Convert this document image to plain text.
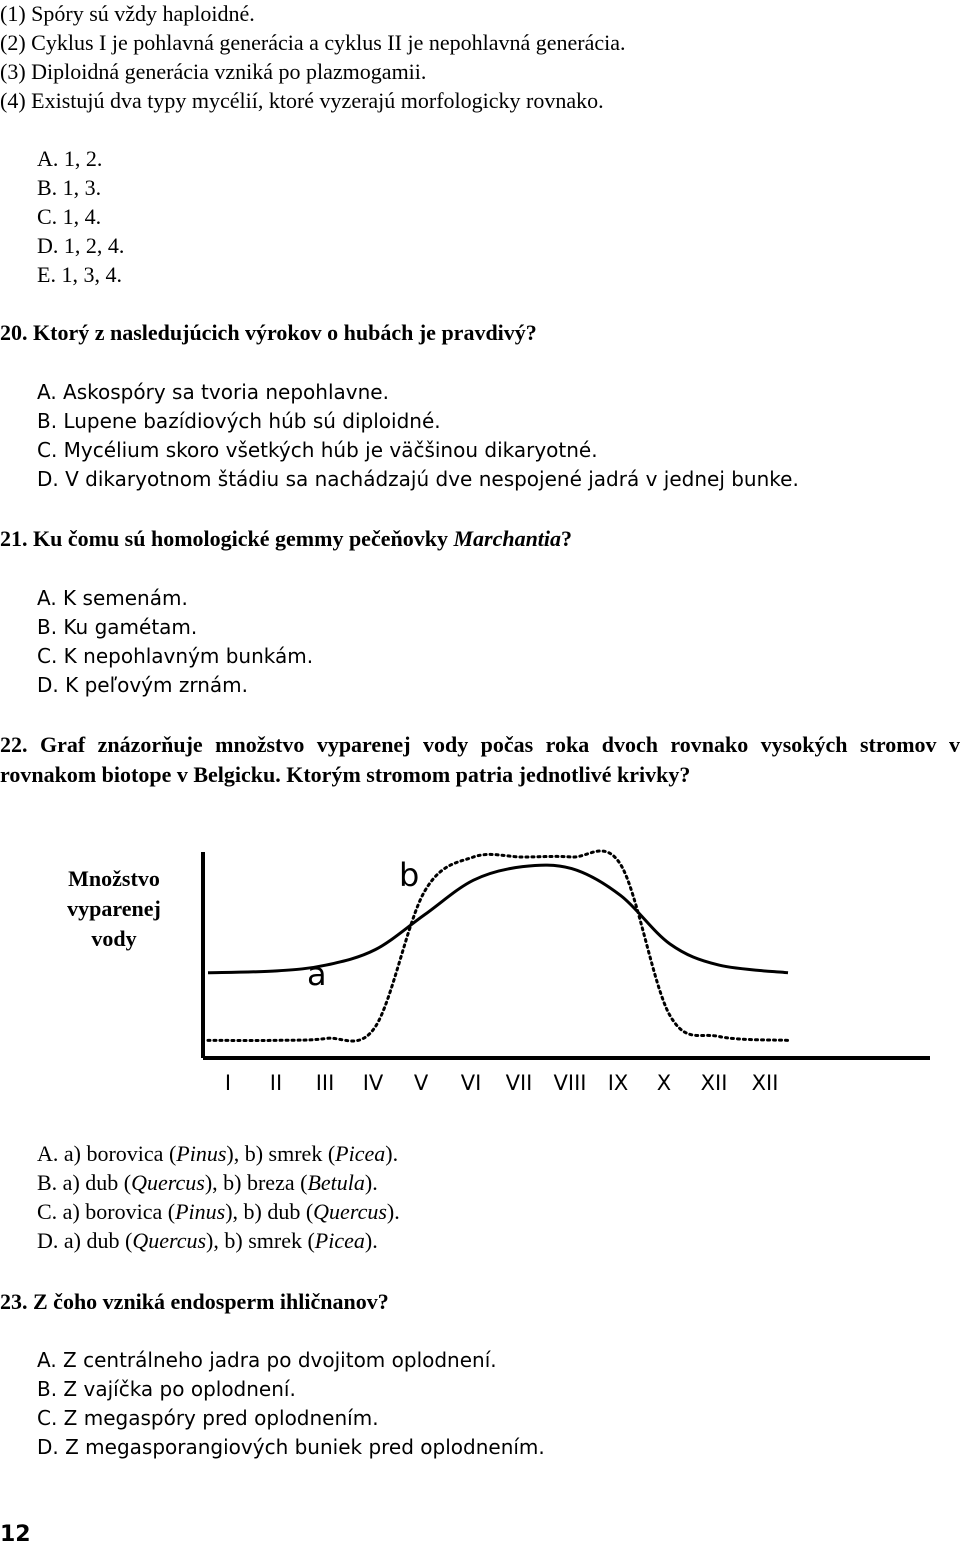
(1) Spóry sú vždy haploidné.
(2) Cyklus I je pohlavná generácia a cyklus II je nepohlavná generácia.
(3) Diploidná generácia vzniká po plazmogamii.
(4) Existujú dva typy mycélií, ktoré vyzerajú morfologicky rovnako.
A. 1, 2.
B. 1, 3.
C. 1, 4.
D. 1, 2, 4.
E. 1, 3, 4.
20. Ktorý z nasledujúcich výrokov o hubách je pravdivý?
A. Askospóry sa tvoria nepohlavne.
B. Lupene bazídiových húb sú diploidné.
C. Mycélium skoro všetkých húb je väčšinou dikaryotné.
D. V dikaryotnom štádiu sa nachádzajú dve nespojené jadrá v jednej bunke.
21. Ku čomu sú homologické gemmy pečeňovky Marchantia?
A. K semenám.
B. Ku gamétam.
C. K nepohlavným bunkám.
D. K peľovým zrnám.
22. Graf znázorňuje množstvo vyparenej vody počas roka dvoch rovnako vysokých stromov v rovnakom biotope v Belgicku. Ktorým stromom patria jednotlivé krivky?
Množstvo
vyparenej
vody
I II III IV V VI VII VIII IX X XII XII
a
b
A. a) borovica (Pinus), b) smrek (Picea).
B. a) dub (Quercus), b) breza (Betula).
C. a) borovica (Pinus), b) dub (Quercus).
D. a) dub (Quercus), b) smrek (Picea).
23. Z čoho vzniká endosperm ihličnanov?
A. Z centrálneho jadra po dvojitom oplodnení.
B. Z vajíčka po oplodnení.
C. Z megaspóry pred oplodnením.
D. Z megasporangiových buniek pred oplodnením.
12
